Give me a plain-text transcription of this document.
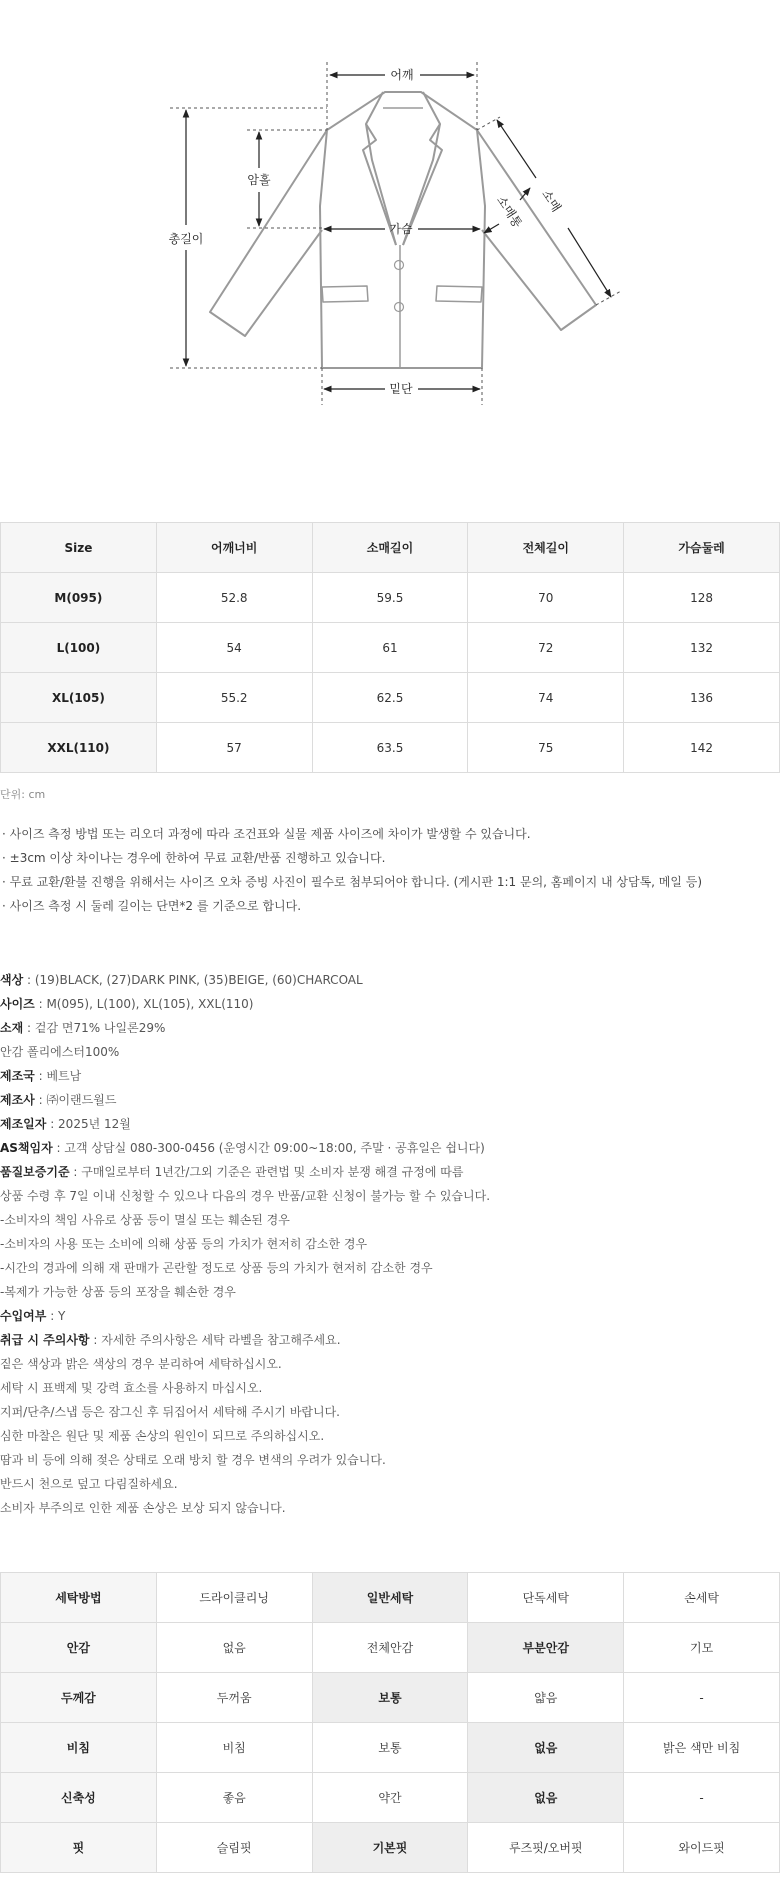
어깨
총길이
암홀
가슴
밑단
소매
소매통
Size	어깨너비	소매길이	전체길이	가슴둘레
M(095)	52.8	59.5	70	128
L(100)	54	61	72	132
XL(105)	55.2	62.5	74	136
XXL(110)	57	63.5	75	142
단위: cm
· 사이즈 측정 방법 또는 리오더 과정에 따라 조건표와 실물 제품 사이즈에 차이가 발생할 수 있습니다.
· ±3cm 이상 차이나는 경우에 한하여 무료 교환/반품 진행하고 있습니다.
· 무료 교환/환불 진행을 위해서는 사이즈 오차 증빙 사진이 필수로 첨부되어야 합니다. (게시판 1:1 문의, 홈페이지 내 상담톡, 메일 등)
· 사이즈 측정 시 둘레 길이는 단면*2 를 기준으로 합니다.
색상 : (19)BLACK, (27)DARK PINK, (35)BEIGE, (60)CHARCOAL
사이즈 : M(095), L(100), XL(105), XXL(110)
소재 : 겉감 면71% 나일론29%
안감 폴리에스터100%
제조국 : 베트남
제조사 : ㈜이랜드월드
제조일자 : 2025년 12월
AS책임자 : 고객 상담실 080-300-0456 (운영시간 09:00~18:00, 주말 · 공휴일은 쉽니다)
품질보증기준 : 구매일로부터 1년간/그외 기준은 관련법 및 소비자 분쟁 해결 규정에 따름
상품 수령 후 7일 이내 신청할 수 있으나 다음의 경우 반품/교환 신청이 불가능 할 수 있습니다.
-소비자의 책임 사유로 상품 등이 멸실 또는 훼손된 경우
-소비자의 사용 또는 소비에 의해 상품 등의 가치가 현저히 감소한 경우
-시간의 경과에 의해 재 판매가 곤란할 정도로 상품 등의 가치가 현저히 감소한 경우
-복제가 가능한 상품 등의 포장을 훼손한 경우
수입여부 : Y
취급 시 주의사항 : 자세한 주의사항은 세탁 라벨을 참고해주세요.
짙은 색상과 밝은 색상의 경우 분리하여 세탁하십시오.
세탁 시 표백제 및 강력 효소를 사용하지 마십시오.
지퍼/단추/스냅 등은 잠그신 후 뒤집어서 세탁해 주시기 바랍니다.
심한 마찰은 원단 및 제품 손상의 원인이 되므로 주의하십시오.
땀과 비 등에 의해 젖은 상태로 오래 방치 할 경우 변색의 우려가 있습니다.
반드시 천으로 덮고 다림질하세요.
소비자 부주의로 인한 제품 손상은 보상 되지 않습니다.
세탁방법	드라이클리닝	일반세탁	단독세탁	손세탁
안감	없음	전체안감	부분안감	기모
두께감	두꺼움	보통	얇음	-
비침	비침	보통	없음	밝은 색만 비침
신축성	좋음	약간	없음	-
핏	슬림핏	기본핏	루즈핏/오버핏	와이드핏
